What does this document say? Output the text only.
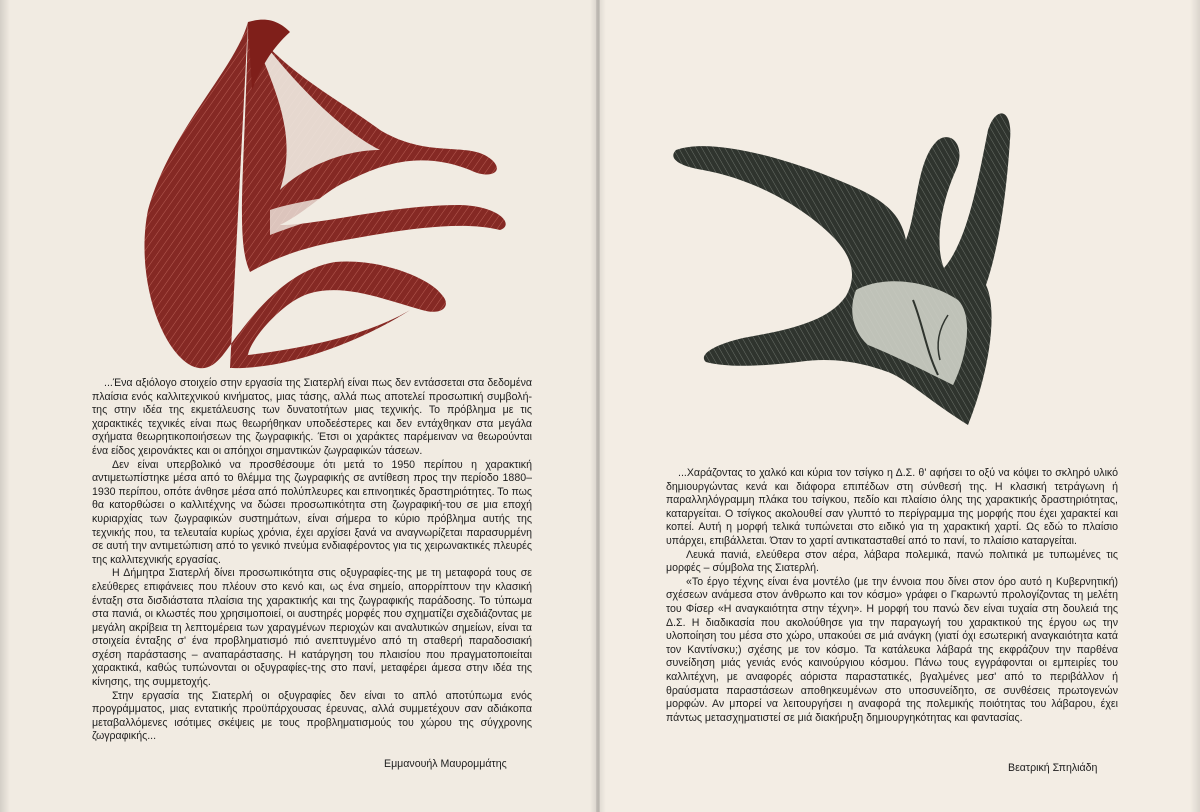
...Ένα αξιόλογο στοιχείο στην εργασία της Σιατερλή είναι πως δεν εντάσσεται στα δεδομένα πλαίσια ενός καλλιτεχνικού κινήματος, μιας τάσης, αλλά πως αποτελεί προσωπική συμβολή-της στην ιδέα της εκμετάλευσης των δυνατοτήτων μιας τεχνικής. Το πρόβλημα με τις χαρακτικές τεχνικές είναι πως θεωρήθηκαν υποδεέστερες και δεν εντάχθηκαν στα μεγάλα σχήματα θεωρητικοποιήσεων της ζωγραφικής. Έτσι οι χαράκτες παρέμειναν να θεωρούνται ένα είδος χειρονάκτες και οι απόηχοι σημαντικών ζωγραφικών τάσεων.

Δεν είναι υπερβολικό να προσθέσουμε ότι μετά το 1950 περίπου η χαρακτική αντιμετωπίστηκε μέσα από το θλέμμα της ζωγραφικής σε αντίθεση προς την περίοδο 1880–1930 περίπου, οπότε άνθησε μέσα από πολύπλευρες και επινοητικές δραστηριότητες. Το πως θα κατορθώσει ο καλλιτέχνης να δώσει προσωπικότητα στη ζωγραφική-του σε μια εποχή κυριαρχίας των ζωγραφικών συστημάτων, είναι σήμερα το κύριο πρόβλημα αυτής της τεχνικής που, τα τελευταία κυρίως χρόνια, έχει αρχίσει ξανά να αναγνωρίζεται παρασυρμένη σε αυτή την αντιμετώπιση από το γενικό πνεύμα ενδιαφέροντος για τις χειρωνακτικές πλευρές της καλλιτεχνικής εργασίας.

Η Δήμητρα Σιατερλή δίνει προσωπικότητα στις οξυγραφίες-της με τη μεταφορά τους σε ελεύθερες επιφάνειες που πλέουν στο κενό και, ως ένα σημείο, απορρίπτουν την κλασική ένταξη στα δισδιάστατα πλαίσια της χαρακτικής και της ζωγραφικής παράδοσης. Το τύπωμα στα πανιά, οι κλωστές που χρησιμοποιεί, οι αυστηρές μορφές που σχηματίζει σχεδιάζοντας με μεγάλη ακρίβεια τη λεπτομέρεια των χαραγμένων περιοχών και αναλυτικών σημείων, είναι τα στοιχεία ένταξης σ' ένα προβληματισμό πιό ανεπτυγμένο από τη σταθερή παραδοσιακή σχέση παράστασης – αναπαράστασης. Η κατάργηση του πλαισίου που πραγματοποιείται χαρακτικά, καθώς τυπώνονται οι οξυγραφίες-της στο πανί, μεταφέρει άμεσα στην ιδέα της κίνησης, της συμμετοχής.

Στην εργασία της Σιατερλή οι οξυγραφίες δεν είναι το απλό αποτύπωμα ενός προγράμματος, μιας εντατικής προϋπάρχουσας έρευνας, αλλά συμμετέχουν σαν αδιάκοπα μεταβαλλόμενες ισότιμες σκέψεις με τους προβληματισμούς του χώρου της σύγχρονης ζωγραφικής...

Εμμανουήλ Μαυρομμάτης

...Χαράζοντας το χαλκό και κύρια τον τσίγκο η Δ.Σ. θ' αφήσει το οξύ να κόψει το σκληρό υλικό δημιουργώντας κενά και διάφορα επιπέδων στη σύνθεσή της. Η κλασική τετράγωνη ή παραλληλόγραμμη πλάκα του τσίγκου, πεδίο και πλαίσιο όλης της χαρακτικής δραστηριότητας, καταργείται. Ο τσίγκος ακολουθεί σαν γλυπτό το περίγραμμα της μορφής που έχει χαρακτεί και κοπεί. Αυτή η μορφή τελικά τυπώνεται στο ειδικό για τη χαρακτική χαρτί. Ως εδώ το πλαίσιο υπάρχει, επιβάλλεται. Όταν το χαρτί αντικατασταθεί από το πανί, το πλαίσιο καταργείται.

Λευκά πανιά, ελεύθερα στον αέρα, λάβαρα πολεμικά, πανώ πολιτικά με τυπωμένες τις μορφές – σύμβολα της Σιατερλή.

«Το έργο τέχνης είναι ένα μοντέλο (με την έννοια που δίνει στον όρο αυτό η Κυβερνητική) σχέσεων ανάμεσα στον άνθρωπο και τον κόσμο» γράφει ο Γκαρωντύ προλογίζοντας τη μελέτη του Φίσερ «Η αναγκαιότητα στην τέχνη». Η μορφή του πανώ δεν είναι τυχαία στη δουλειά της Δ.Σ. Η διαδικασία που ακολούθησε για την παραγωγή του χαρακτικού της έργου ως την υλοποίηση του μέσα στο χώρο, υπακούει σε μιά ανάγκη (γιατί όχι εσωτερική αναγκαιότητα κατά τον Καντίνσκυ;) σχέσης με τον κόσμο. Τα κατάλευκα λάβαρά της εκφράζουν την παρθένα συνείδηση μιάς γενιάς ενός καινούργιου κόσμου. Πάνω τους εγγράφονται οι εμπειρίες του καλλιτέχνη, με αναφορές αόριστα παραστατικές, βγαλμένες μεσ' από το περιβάλλον ή θραύσματα παραστάσεων αποθηκευμένων στο υποσυνείδητο, σε συνθέσεις πρωτογενών μορφών. Αν μπορεί να λειτουργήσει η αναφορά της πολεμικής ποιότητας του λάβαρου, έχει πάντως μετασχηματιστεί σε μιά διακήρυξη δημιουργηκότητας και φαντασίας.

Βεατρική Σπηλιάδη
